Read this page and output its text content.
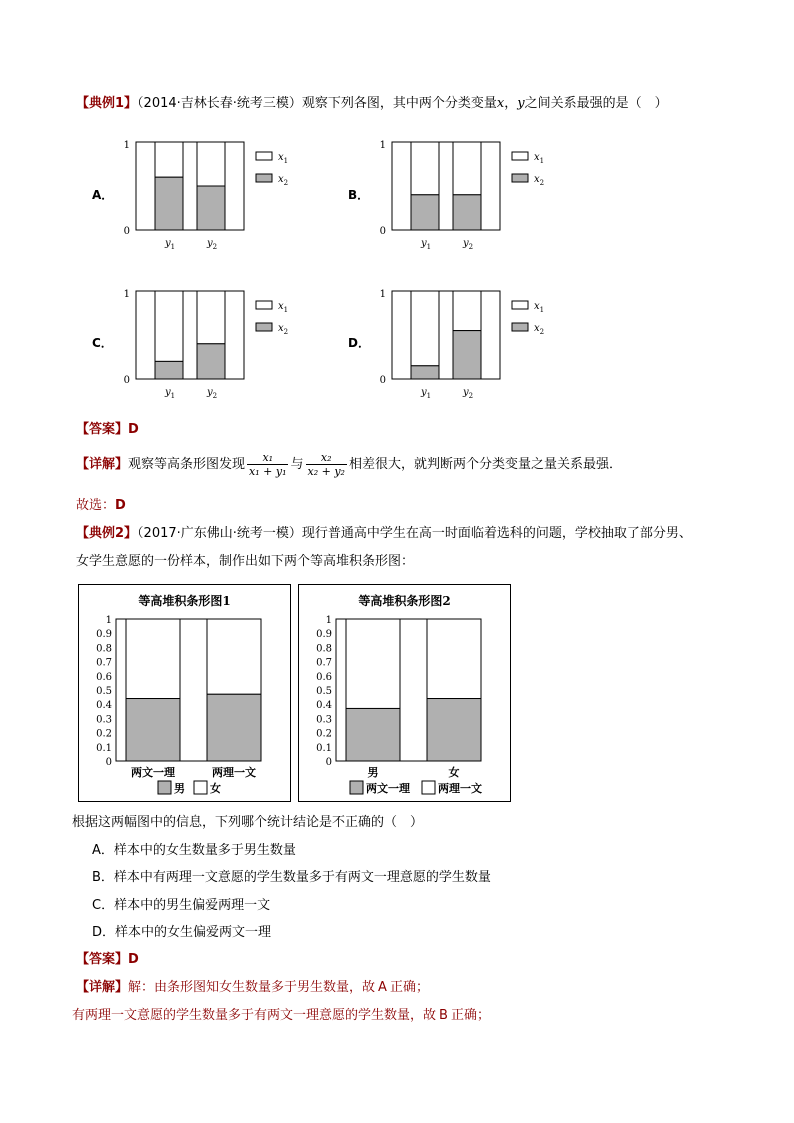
【典例1】（2014·吉林长春·统考三模）观察下列各图，其中两个分类变量x，y之间关系最强的是（　）
A．	B．
C．	D．
0
1
$y_1$	$y_2$
$x_1$
$x_2$
0
1
$y_1$	$y_2$
$x_1$
$x_2$
0
1
$y_1$	$y_2$
$x_1$
$x_2$
0
1
$y_1$	$y_2$
$x_1$
$x_2$
【答案】D
【详解】观察等高条形图发现 $\frac{\text{x₁}}{\text{x₁ + y₁}}$ 与 $\frac{\text{x₂}}{\text{x₂ + y₂}}$ 相差很大，就判断两个分类变量之量关系最强．
故选：D
【典例2】（2017·广东佛山·统考一模）现行普通高中学生在高一时面临着选科的问题，学校抽取了部分男、
女学生意愿的一份样本，制作出如下两个等高堆积条形图：
等高堆积条形图1
0
0.1
0.2
0.3
0.4
0.5
0.6
0.7
0.8
0.9
1
两文一理	两理一文
男 女
等高堆积条形图2
0
0.1
0.2
0.3
0.4
0.5
0.6
0.7
0.8
0.9
1
男	女
两文一理	两理一文
根据这两幅图中的信息，下列哪个统计结论是不正确的（　）
A．样本中的女生数量多于男生数量
B．样本中有两理一文意愿的学生数量多于有两文一理意愿的学生数量
C．样本中的男生偏爱两理一文
D．样本中的女生偏爱两文一理
【答案】D
【详解】解：由条形图知女生数量多于男生数量，故 A 正确；
有两理一文意愿的学生数量多于有两文一理意愿的学生数量，故 B 正确；
